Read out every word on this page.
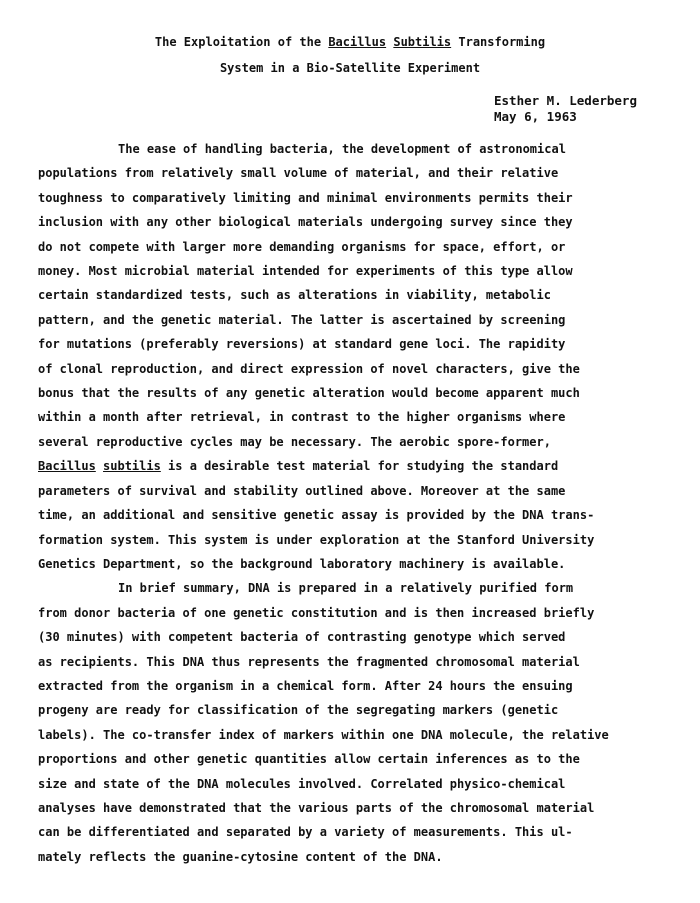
The Exploitation of the Bacillus Subtilis Transforming
System in a Bio-Satellite Experiment
Esther M. Lederberg
May 6, 1963
The ease of handling bacteria, the development of astronomical
populations from relatively small volume of material, and their relative
toughness to comparatively limiting and minimal environments permits their
inclusion with any other biological materials undergoing survey since they
do not compete with larger more demanding organisms for space, effort, or
money. Most microbial material intended for experiments of this type allow
certain standardized tests, such as alterations in viability, metabolic
pattern, and the genetic material. The latter is ascertained by screening
for mutations (preferably reversions) at standard gene loci. The rapidity
of clonal reproduction, and direct expression of novel characters, give the
bonus that the results of any genetic alteration would become apparent much
within a month after retrieval, in contrast to the higher organisms where
several reproductive cycles may be necessary. The aerobic spore-former,
Bacillus subtilis is a desirable test material for studying the standard
parameters of survival and stability outlined above. Moreover at the same
time, an additional and sensitive genetic assay is provided by the DNA trans-
formation system. This system is under exploration at the Stanford University
Genetics Department, so the background laboratory machinery is available.
In brief summary, DNA is prepared in a relatively purified form
from donor bacteria of one genetic constitution and is then increased briefly
(30 minutes) with competent bacteria of contrasting genotype which served
as recipients. This DNA thus represents the fragmented chromosomal material
extracted from the organism in a chemical form. After 24 hours the ensuing
progeny are ready for classification of the segregating markers (genetic
labels). The co-transfer index of markers within one DNA molecule, the relative
proportions and other genetic quantities allow certain inferences as to the
size and state of the DNA molecules involved. Correlated physico-chemical
analyses have demonstrated that the various parts of the chromosomal material
can be differentiated and separated by a variety of measurements. This ul-
mately reflects the guanine-cytosine content of the DNA.
